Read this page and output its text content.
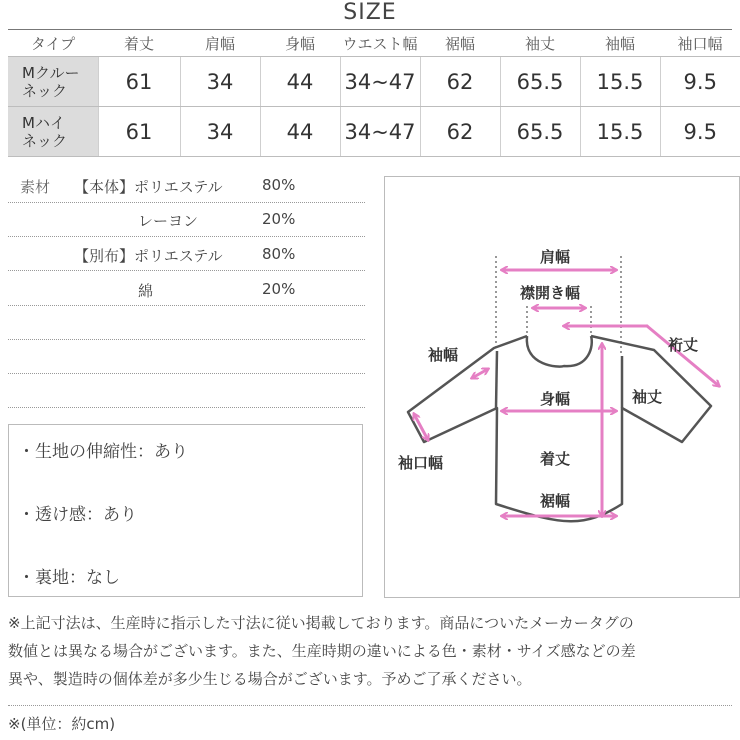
SIZE
タイプ	着丈	肩幅	身幅	ウエスト幅	裾幅	袖丈	袖幅	袖口幅
Mクルー
ネック	61	34	44	34~47	62	65.5	15.5	9.5
Mハイ
ネック	61	34	44	34~47	62	65.5	15.5	9.5
素材 【本体】ポリエステル	80%
レーヨン	20%
【別布】ポリエステル	80%
綿	20%
・生地の伸縮性：あり
・透け感：あり
・裏地：なし
肩幅
襟開き幅
裄丈
袖幅
袖丈
身幅
袖口幅	着丈
裾幅
※上記寸法は、生産時に指示した寸法に従い掲載しております。商品についたメーカータグの
数値とは異なる場合がございます。また、生産時期の違いによる色・素材・サイズ感などの差
異や、製造時の個体差が多少生じる場合がございます。予めご了承ください。
※(単位：約cm)
